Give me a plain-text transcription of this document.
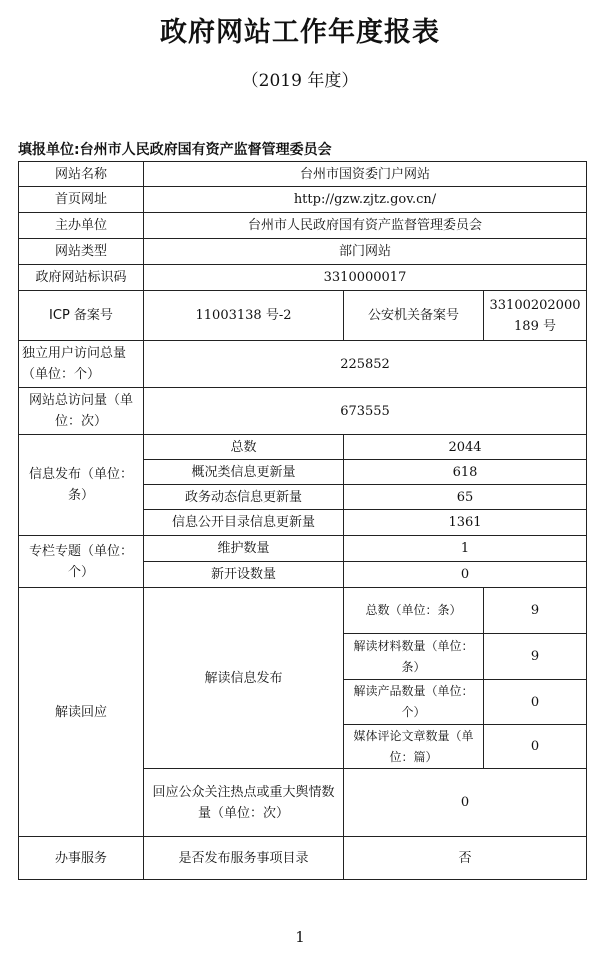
政府网站工作年度报表
（2019 年度）
填报单位:台州市人民政府国有资产监督管理委员会
网站名称	台州市国资委门户网站		
首页网址	http://gzw.zjtz.gov.cn/		
主办单位	台州市人民政府国有资产监督管理委员会		
网站类型	部门网站		
政府网站标识码	3310000017		
ICP 备案号	11003138 号-2	公安机关备案号	33100202000189 号
独立用户访问总量（单位：个）	225852		
网站总访问量（单位：次）	673555		
信息发布（单位：条）	总数	2044	
	概况类信息更新量	618	
	政务动态信息更新量	65	
	信息公开目录信息更新量	1361	
专栏专题（单位：个）	维护数量	1	
	新开设数量	0	
解读回应	解读信息发布	总数（单位：条）	9
		解读材料数量（单位：条）	9
		解读产品数量（单位：个）	0
		媒体评论文章数量（单位：篇）	0
	回应公众关注热点或重大舆情数量（单位：次）	0	
办事服务	是否发布服务事项目录	否	
1
